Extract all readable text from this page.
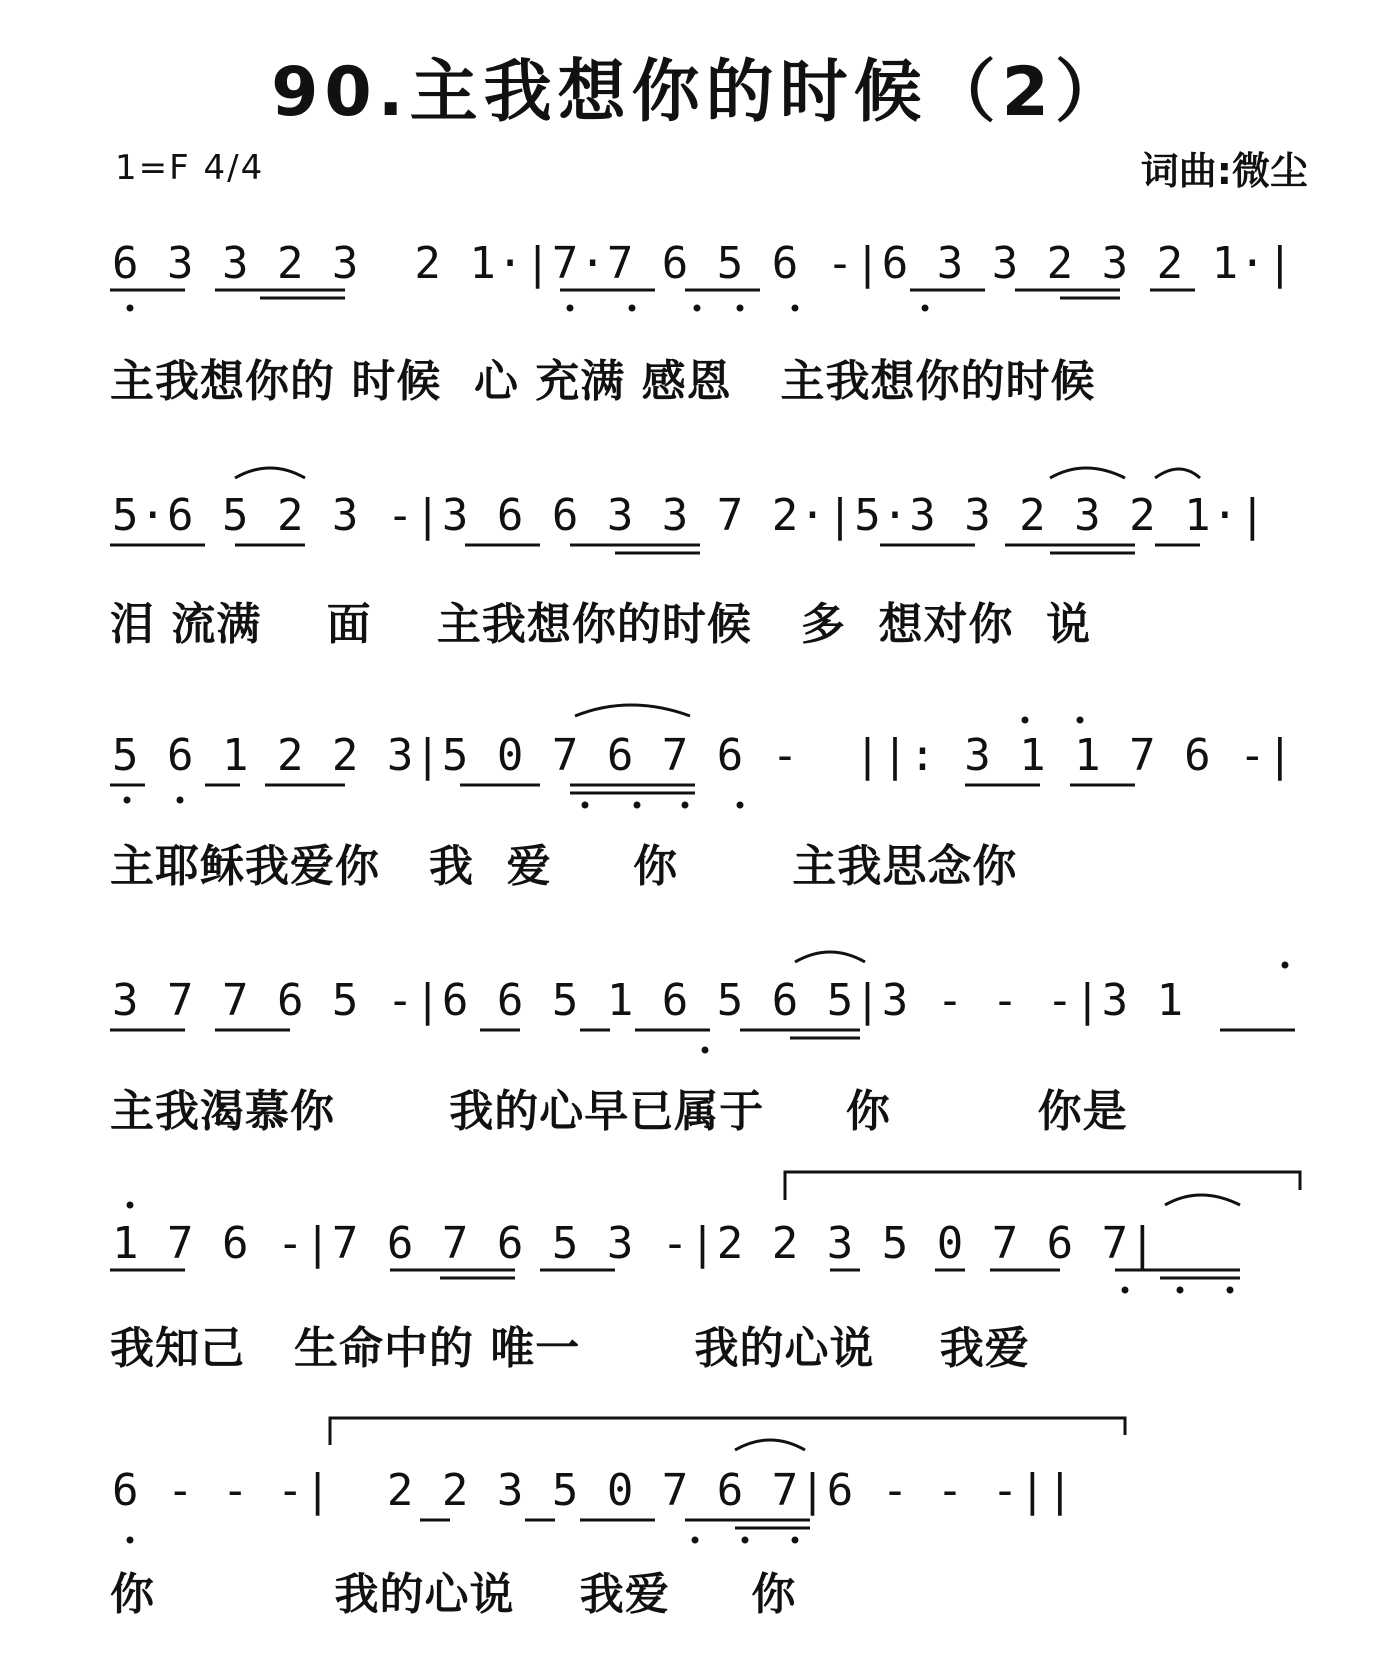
90.主我想你的时候（2）
1=F 4/4	词曲:微尘
6 3 3 2 3  2 1·|7·7 6 5 6 -|6 3 3 2 3 2 1·|
主我想你的 时候  心 充满 感恩   主我想你的时候
5·6 5 2 3 -|3 6 6 3 3 7 2·|5·3 3 2 3 2 1·|
泪 流满    面    主我想你的时候   多  想对你  说
5 6 1 2 2 3|5 0 7 6 7 6 -  ||: 3 1 1 7 6 -|
主耶稣我爱你   我  爱     你       主我思念你
3 7 7 6 5 -|6 6 5 1 6 5 6 5|3 - - -|3 1
主我渴慕你       我的心早已属于     你         你是
1 7 6 -|7 6 7 6 5 3 -|2 2 3 5 0 7 6 7|
我知己   生命中的 唯一       我的心说    我爱
6 - - -|  2 2 3 5 0 7 6 7|6 - - -||
你           我的心说    我爱     你
